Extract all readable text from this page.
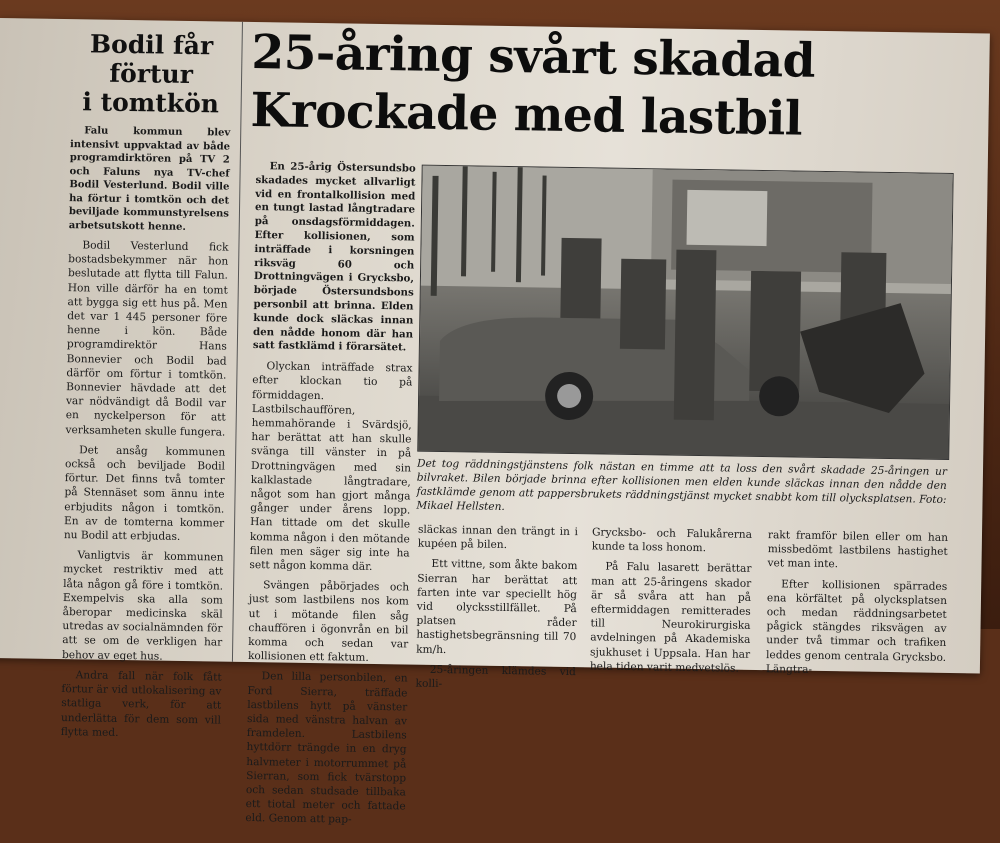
Bodil får
förtur
i tomtkön

Falu kommun blev intensivt uppvaktad av både programdirktören på TV 2 och Faluns nya TV-chef Bodil Vesterlund. Bodil ville ha förtur i tomtkön och det beviljade kommunstyrelsens arbetsutskott henne.

Bodil Vesterlund fick bostadsbekymmer när hon beslutade att flytta till Falun. Hon ville därför ha en tomt att bygga sig ett hus på. Men det var 1 445 personer före henne i kön. Både programdirektör Hans Bonnevier och Bodil bad därför om förtur i tomtkön. Bonnevier hävdade att det var nödvändigt då Bodil var en nyckelperson för att verksamheten skulle fungera.

Det ansåg kommunen också och beviljade Bodil förtur. Det finns två tomter på Stennäset som ännu inte erbjudits någon i tomtkön. En av de tomterna kommer nu Bodil att erbjudas.

Vanligtvis är kommunen mycket restriktiv med att låta någon gå före i tomtkön. Exempelvis ska alla som åberopar medicinska skäl utredas av socialnämnden för att se om de verkligen har behov av eget hus.

Andra fall när folk fått förtur är vid utlokalisering av statliga verk, för att underlätta för dem som vill flytta med.

25-åring svårt skadad
Krockade med lastbil

En 25-årig Östersundsbo skadades mycket allvarligt vid en frontalkollision med en tungt lastad långtradare på onsdagsförmiddagen. Efter kollisionen, som inträffade i korsningen riksväg 60 och Drottningvägen i Grycksbo, började Östersundsbons personbil att brinna. Elden kunde dock släckas innan den nådde honom där han satt fastklämd i förarsätet.

Olyckan inträffade strax efter klockan tio på förmiddagen. Lastbilschauffören, hemmahörande i Svärdsjö, har berättat att han skulle svänga till vänster in på Drottningvägen med sin kalklastade långtradare, något som han gjort många gånger under årens lopp. Han tittade om det skulle komma någon i den mötande filen men säger sig inte ha sett någon komma där.

Svängen påbörjades och just som lastbilens nos kom ut i mötande filen såg chauffören i ögonvrån en bil komma och sedan var kollisionen ett faktum.

Den lilla personbilen, en Ford Sierra, träffade lastbilens hytt på vänster sida med vänstra halvan av framdelen. Lastbilens hyttdörr trängde in en dryg halvmeter i motorrummet på Sierran, som fick tvärstopp och sedan studsade tillbaka ett tiotal meter och fattade eld. Genom att pap-

Det tog räddningstjänstens folk nästan en timme att ta loss den svårt skadade 25-åringen ur bilvraket. Bilen började brinna efter kollisionen men elden kunde släckas innan den nådde den fastklämde genom att pappersbrukets räddningstjänst mycket snabbt kom till olycksplatsen. Foto: Mikael Hellsten.

släckas innan den trängt in i kupéen på bilen.

Ett vittne, som åkte bakom Sierran har berättat att farten inte var speciellt hög vid olycksstillfället. På platsen råder hastighetsbegränsning till 70 km/h.

25-åringen klämdes vid kolli-

Grycksbo- och Falukårerna kunde ta loss honom.

På Falu lasarett berättar man att 25-åringens skador är så svåra att han på eftermiddagen remitterades till Neurokirurgiska avdelningen på Akademiska sjukhuset i Uppsala. Han har hela tiden varit medvetslös.

rakt framför bilen eller om han missbedömt lastbilens hastighet vet man inte.

Efter kollisionen spärrades ena körfältet på olycksplatsen och medan räddningsarbetet pågick stängdes riksvägen av under två timmar och trafiken leddes genom centrala Grycksbo. Längtra-
